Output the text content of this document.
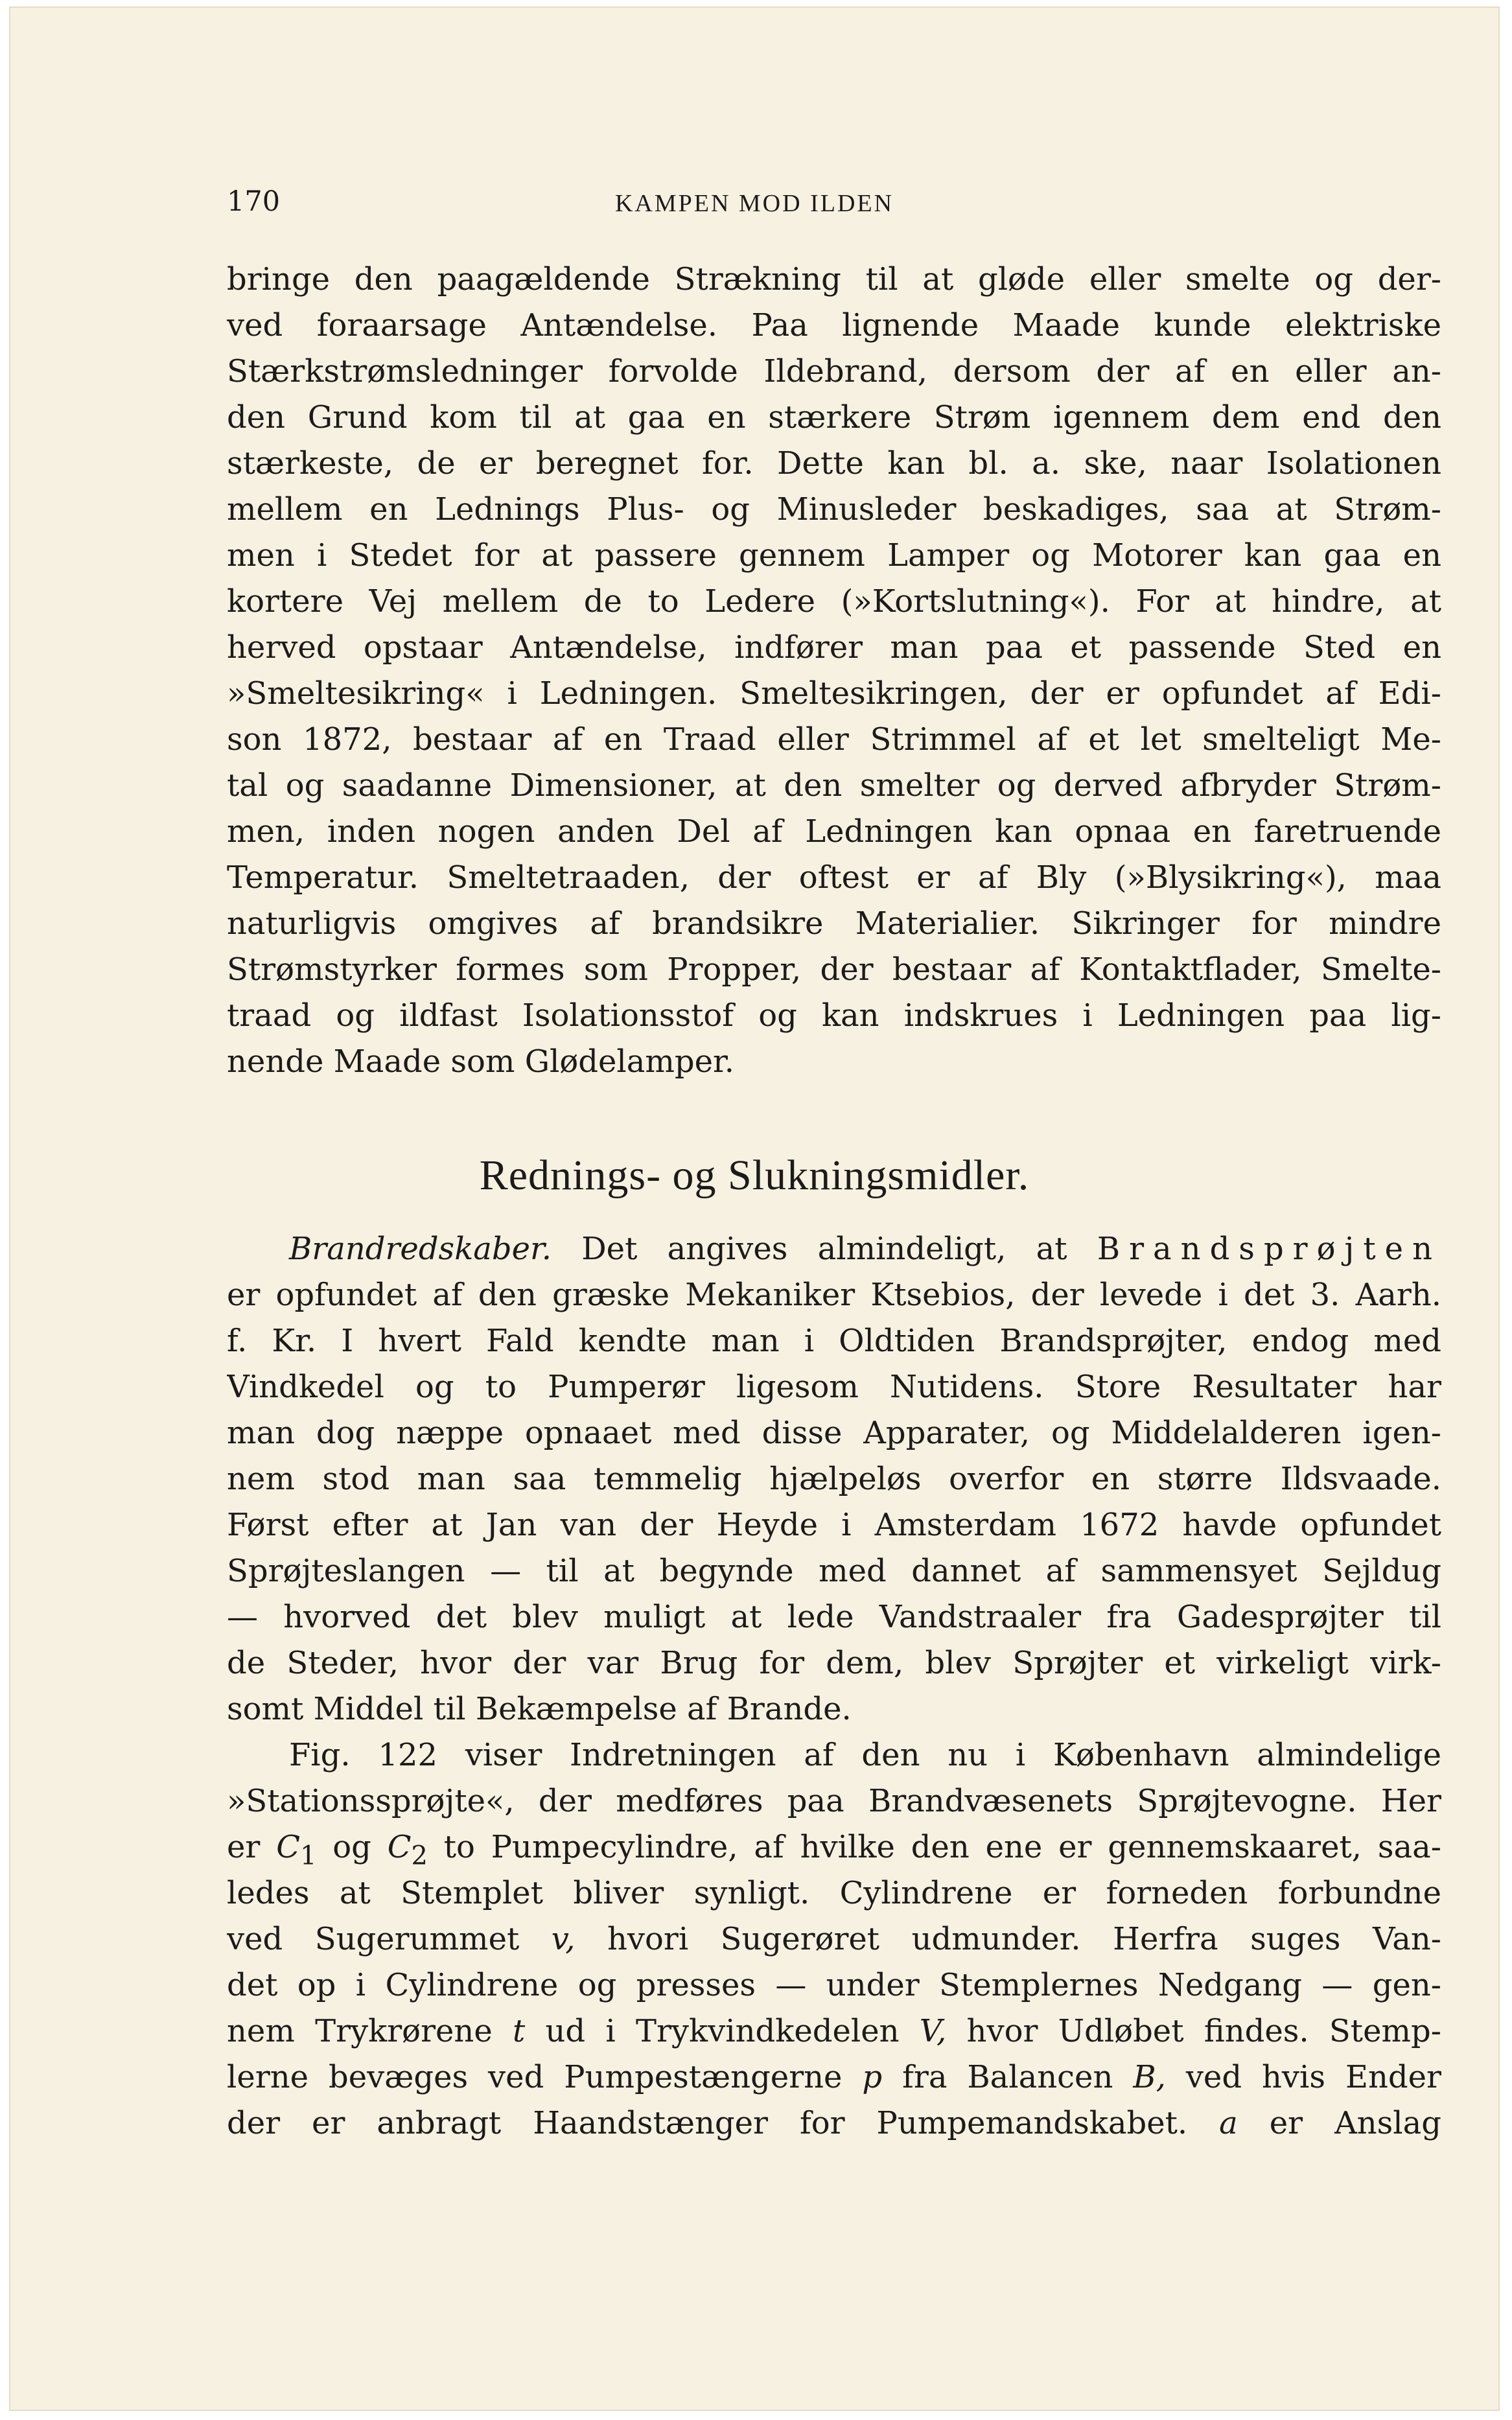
170	KAMPEN MOD ILDEN
bringe den paagældende Strækning til at gløde eller smelte og der-
ved foraarsage Antændelse. Paa lignende Maade kunde elektriske
Stærkstrømsledninger forvolde Ildebrand, dersom der af en eller an-
den Grund kom til at gaa en stærkere Strøm igennem dem end den
stærkeste, de er beregnet for. Dette kan bl. a. ske, naar Isolationen
mellem en Lednings Plus- og Minusleder beskadiges, saa at Strøm-
men i Stedet for at passere gennem Lamper og Motorer kan gaa en
kortere Vej mellem de to Ledere (»Kortslutning«). For at hindre, at
herved opstaar Antændelse, indfører man paa et passende Sted en
»Smeltesikring« i Ledningen. Smeltesikringen, der er opfundet af Edi-
son 1872, bestaar af en Traad eller Strimmel af et let smelteligt Me-
tal og saadanne Dimensioner, at den smelter og derved afbryder Strøm-
men, inden nogen anden Del af Ledningen kan opnaa en faretruende
Temperatur. Smeltetraaden, der oftest er af Bly (»Blysikring«), maa
naturligvis omgives af brandsikre Materialier. Sikringer for mindre
Strømstyrker formes som Propper, der bestaar af Kontaktflader, Smelte-
traad og ildfast Isolationsstof og kan indskrues i Ledningen paa lig-
nende Maade som Glødelamper.
Rednings- og Slukningsmidler.
Brandredskaber. Det angives almindeligt, at Brandsprøjten
er opfundet af den græske Mekaniker Ktsebios, der levede i det 3. Aarh.
f. Kr. I hvert Fald kendte man i Oldtiden Brandsprøjter, endog med
Vindkedel og to Pumperør ligesom Nutidens. Store Resultater har
man dog næppe opnaaet med disse Apparater, og Middelalderen igen-
nem stod man saa temmelig hjælpeløs overfor en større Ildsvaade.
Først efter at Jan van der Heyde i Amsterdam 1672 havde opfundet
Sprøjteslangen — til at begynde med dannet af sammensyet Sejldug
— hvorved det blev muligt at lede Vandstraaler fra Gadesprøjter til
de Steder, hvor der var Brug for dem, blev Sprøjter et virkeligt virk-
somt Middel til Bekæmpelse af Brande.
Fig. 122 viser Indretningen af den nu i København almindelige
»Stationssprøjte«, der medføres paa Brandvæsenets Sprøjtevogne. Her
er $C_1$ og $C_2$ to Pumpecylindre, af hvilke den ene er gennemskaaret, saa-
ledes at Stemplet bliver synligt. Cylindrene er forneden forbundne
ved Sugerummet v, hvori Sugerøret udmunder. Herfra suges Van-
det op i Cylindrene og presses — under Stemplernes Nedgang — gen-
nem Trykrørene t ud i Trykvindkedelen V, hvor Udløbet findes. Stemp-
lerne bevæges ved Pumpestængerne p fra Balancen B, ved hvis Ender
der er anbragt Haandstænger for Pumpemandskabet. a er Anslag
